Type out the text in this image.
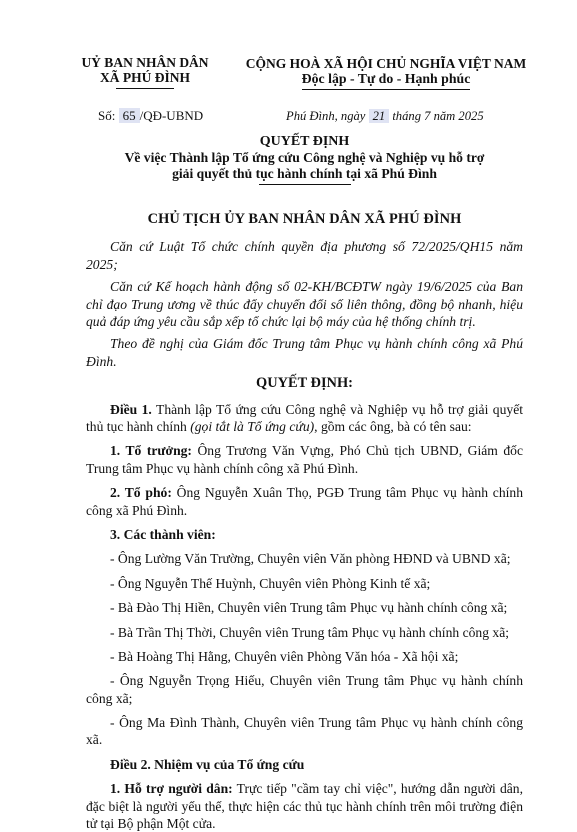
UỶ BAN NHÂN DÂN
XÃ PHÚ ĐÌNH
CỘNG HOÀ XÃ HỘI CHỦ NGHĨA VIỆT NAM
Độc lập - Tự do - Hạnh phúc
Số: 65 /QĐ-UBND	Phú Đình, ngày 21 tháng 7 năm 2025
QUYẾT ĐỊNH
Về việc Thành lập Tổ ứng cứu Công nghệ và Nghiệp vụ hỗ trợ
giải quyết thủ tục hành chính tại xã Phú Đình
CHỦ TỊCH ỦY BAN NHÂN DÂN XÃ PHÚ ĐÌNH

Căn cứ Luật Tổ chức chính quyền địa phương số 72/2025/QH15 năm 2025;

Căn cứ Kế hoạch hành động số 02-KH/BCĐTW ngày 19/6/2025 của Ban chỉ đạo Trung ương về thúc đẩy chuyển đổi số liên thông, đồng bộ nhanh, hiệu quả đáp ứng yêu cầu sắp xếp tổ chức lại bộ máy của hệ thống chính trị.

Theo đề nghị của Giám đốc Trung tâm Phục vụ hành chính công xã Phú Đình.

QUYẾT ĐỊNH:

Điều 1. Thành lập Tổ ứng cứu Công nghệ và Nghiệp vụ hỗ trợ giải quyết thủ tục hành chính (gọi tắt là Tổ ứng cứu), gồm các ông, bà có tên sau:

1. Tổ trưởng: Ông Trương Văn Vựng, Phó Chủ tịch UBND, Giám đốc Trung tâm Phục vụ hành chính công xã Phú Đình.

2. Tổ phó: Ông Nguyễn Xuân Thọ, PGĐ Trung tâm Phục vụ hành chính công xã Phú Đình.

3. Các thành viên:

- Ông Lường Văn Trường, Chuyên viên Văn phòng HĐND và UBND xã;

- Ông Nguyễn Thế Huỳnh, Chuyên viên Phòng Kinh tế xã;

- Bà Đào Thị Hiền, Chuyên viên Trung tâm Phục vụ hành chính công xã;

- Bà Trần Thị Thời, Chuyên viên Trung tâm Phục vụ hành chính công xã;

- Bà Hoàng Thị Hằng, Chuyên viên Phòng Văn hóa - Xã hội xã;

- Ông Nguyễn Trọng Hiếu, Chuyên viên Trung tâm Phục vụ hành chính công xã;

- Ông Ma Đình Thành, Chuyên viên Trung tâm Phục vụ hành chính công xã.

Điều 2. Nhiệm vụ của Tổ ứng cứu

1. Hỗ trợ người dân: Trực tiếp "cầm tay chỉ việc", hướng dẫn người dân, đặc biệt là người yếu thế, thực hiện các thủ tục hành chính trên môi trường điện tử tại Bộ phận Một cửa.
